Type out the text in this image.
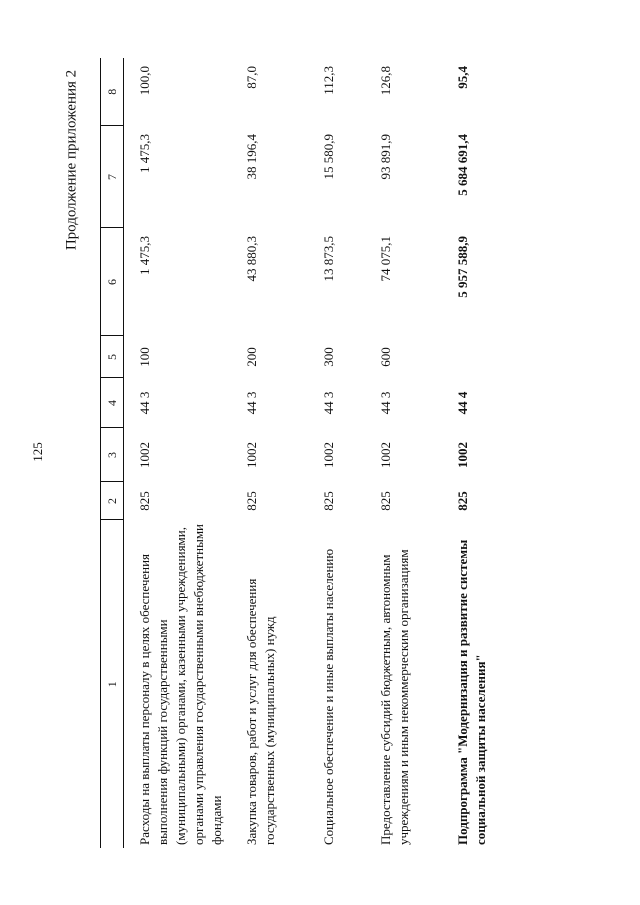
125
Продолжение приложения 2
1	2	3	4	5	6	7	8
Расходы на выплаты персоналу в целях обеспечения выполнения функций государственными (муниципальными) органами, казенными учреждениями, органами управления государственными внебюджетными фондами	825	1002	44 3	100	1 475,3	1 475,3	100,0
Закупка товаров, работ и услуг для обеспечения государственных (муниципальных) нужд	825	1002	44 3	200	43 880,3	38 196,4	87,0
Социальное обеспечение и иные выплаты населению	825	1002	44 3	300	13 873,5	15 580,9	112,3
Предоставление субсидий бюджетным, автономным учреждениям и иным некоммерческим организациям	825	1002	44 3	600	74 075,1	93 891,9	126,8
Подпрограмма "Модернизация и развитие системы социальной защиты населения"	825	1002	44 4		5 957 588,9	5 684 691,4	95,4
